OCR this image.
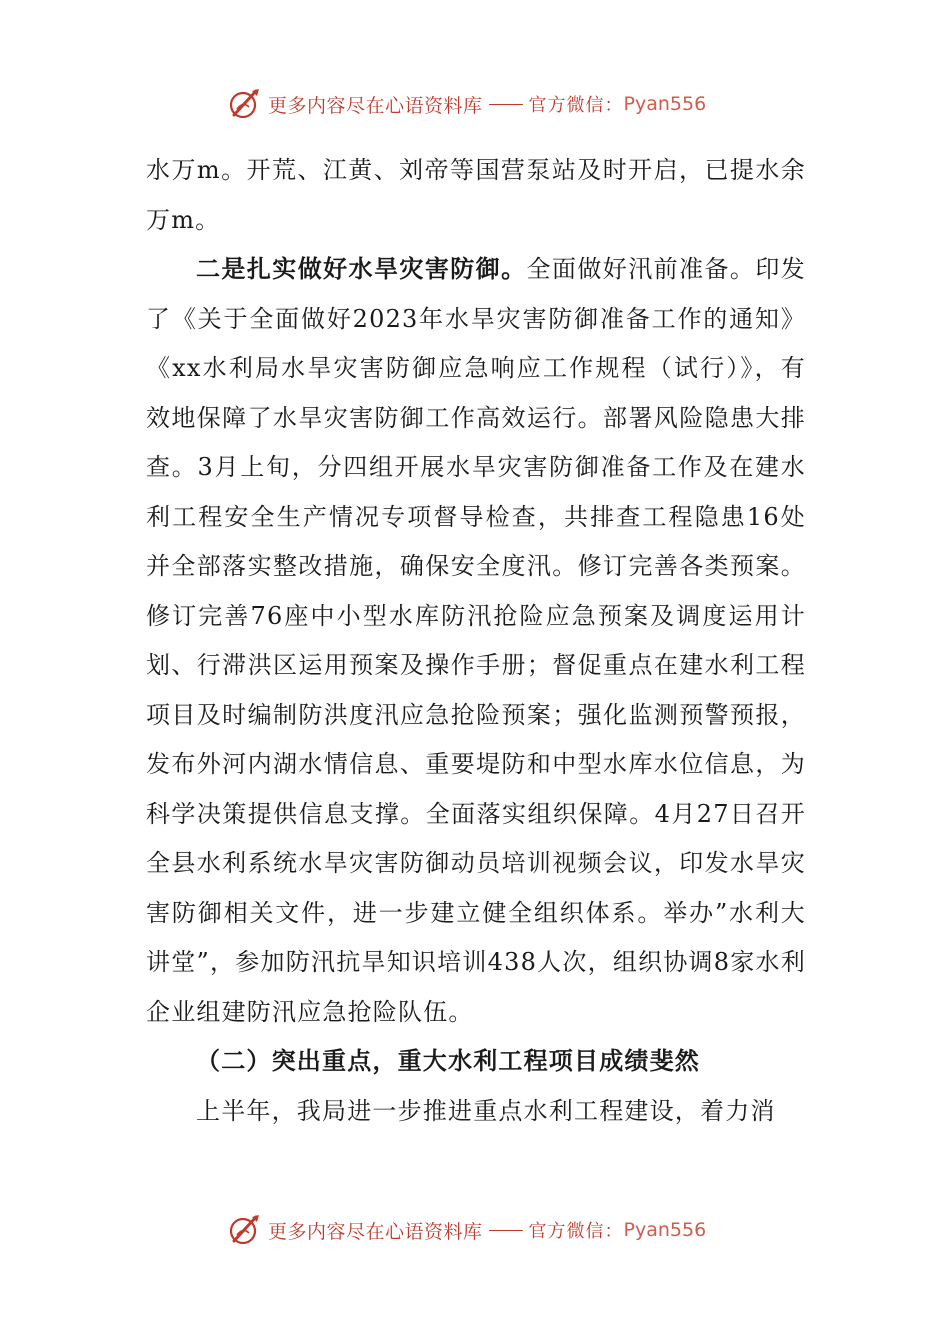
更多内容尽在心语资料库	官方微信： Pyan556

水万m。开荒、江黄、刘帝等国营泵站及时开启，已提水余万m。

二是扎实做好水旱灾害防御。全面做好汛前准备。印发了《关于全面做好2023年水旱灾害防御准备工作的通知》《xx水利局水旱灾害防御应急响应工作规程（试行）》，有效地保障了水旱灾害防御工作高效运行。部署风险隐患大排查。3月上旬，分四组开展水旱灾害防御准备工作及在建水利工程安全生产情况专项督导检查，共排查工程隐患16处并全部落实整改措施，确保安全度汛。修订完善各类预案。修订完善76座中小型水库防汛抢险应急预案及调度运用计划、行滞洪区运用预案及操作手册；督促重点在建水利工程项目及时编制防洪度汛应急抢险预案；强化监测预警预报，发布外河内湖水情信息、重要堤防和中型水库水位信息，为科学决策提供信息支撑。全面落实组织保障。4月27日召开全县水利系统水旱灾害防御动员培训视频会议，印发水旱灾害防御相关文件，进一步建立健全组织体系。举办”水利大讲堂”，参加防汛抗旱知识培训438人次，组织协调8家水利企业组建防汛应急抢险队伍。

（二）突出重点，重大水利工程项目成绩斐然

上半年，我局进一步推进重点水利工程建设，着力消

更多内容尽在心语资料库	官方微信： Pyan556
